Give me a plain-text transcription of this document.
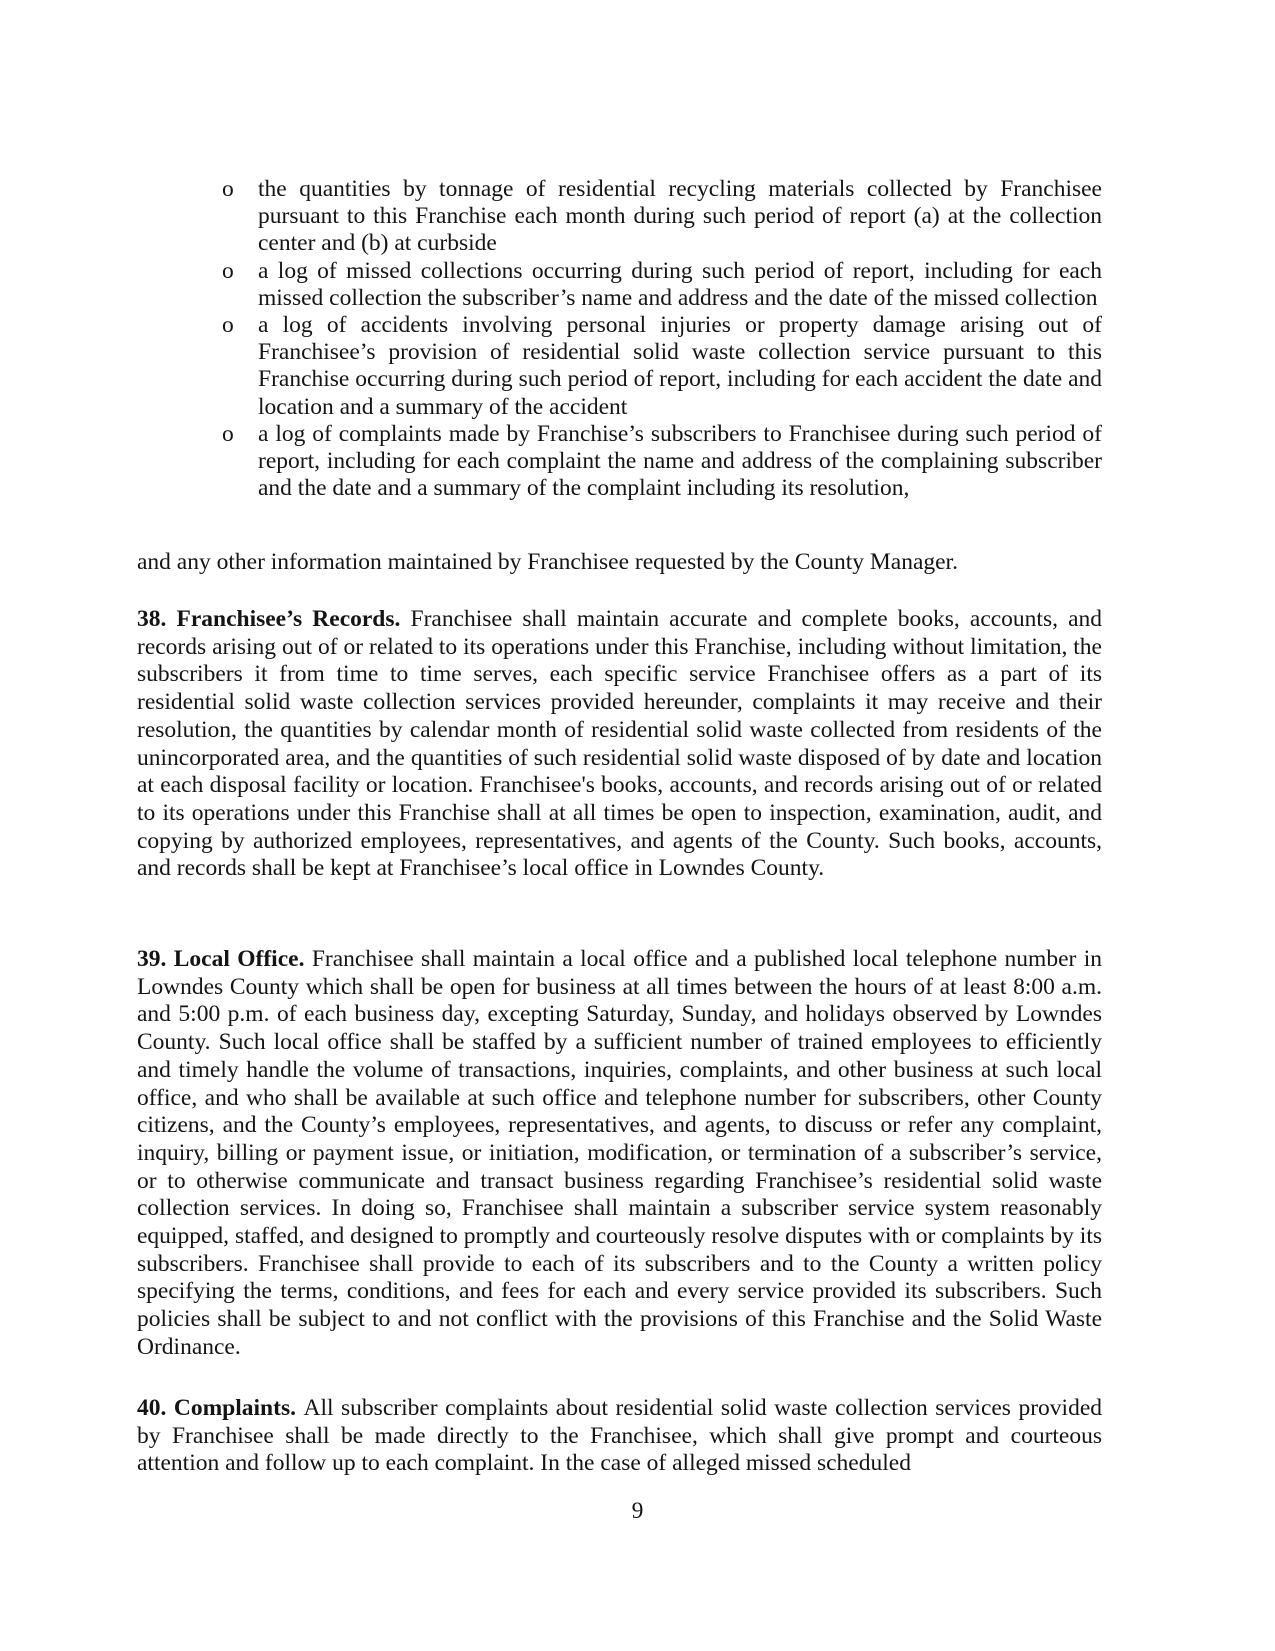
o the quantities by tonnage of residential recycling materials collected by Franchisee pursuant to this Franchise each month during such period of report (a) at the collection center and (b) at curbside
o a log of missed collections occurring during such period of report, including for each missed collection the subscriber’s name and address and the date of the missed collection
o a log of accidents involving personal injuries or property damage arising out of Franchisee’s provision of residential solid waste collection service pursuant to this Franchise occurring during such period of report, including for each accident the date and location and a summary of the accident
o a log of complaints made by Franchise’s subscribers to Franchisee during such period of report, including for each complaint the name and address of the complaining subscriber and the date and a summary of the complaint including its resolution,
and any other information maintained by Franchisee requested by the County Manager.

38. Franchisee’s Records. Franchisee shall maintain accurate and complete books, accounts, and records arising out of or related to its operations under this Franchise, including without limitation, the subscribers it from time to time serves, each specific service Franchisee offers as a part of its residential solid waste collection services provided hereunder, complaints it may receive and their resolution, the quantities by calendar month of residential solid waste collected from residents of the unincorporated area, and the quantities of such residential solid waste disposed of by date and location at each disposal facility or location. Franchisee's books, accounts, and records arising out of or related to its operations under this Franchise shall at all times be open to inspection, examination, audit, and copying by authorized employees, representatives, and agents of the County. Such books, accounts, and records shall be kept at Franchisee’s local office in Lowndes County.

39. Local Office. Franchisee shall maintain a local office and a published local telephone number in Lowndes County which shall be open for business at all times between the hours of at least 8:00 a.m. and 5:00 p.m. of each business day, excepting Saturday, Sunday, and holidays observed by Lowndes County. Such local office shall be staffed by a sufficient number of trained employees to efficiently and timely handle the volume of transactions, inquiries, complaints, and other business at such local office, and who shall be available at such office and telephone number for subscribers, other County citizens, and the County’s employees, representatives, and agents, to discuss or refer any complaint, inquiry, billing or payment issue, or initiation, modification, or termination of a subscriber’s service, or to otherwise communicate and transact business regarding Franchisee’s residential solid waste collection services. In doing so, Franchisee shall maintain a subscriber service system reasonably equipped, staffed, and designed to promptly and courteously resolve disputes with or complaints by its subscribers. Franchisee shall provide to each of its subscribers and to the County a written policy specifying the terms, conditions, and fees for each and every service provided its subscribers. Such policies shall be subject to and not conflict with the provisions of this Franchise and the Solid Waste Ordinance.

40. Complaints. All subscriber complaints about residential solid waste collection services provided by Franchisee shall be made directly to the Franchisee, which shall give prompt and courteous attention and follow up to each complaint. In the case of alleged missed scheduled

9
